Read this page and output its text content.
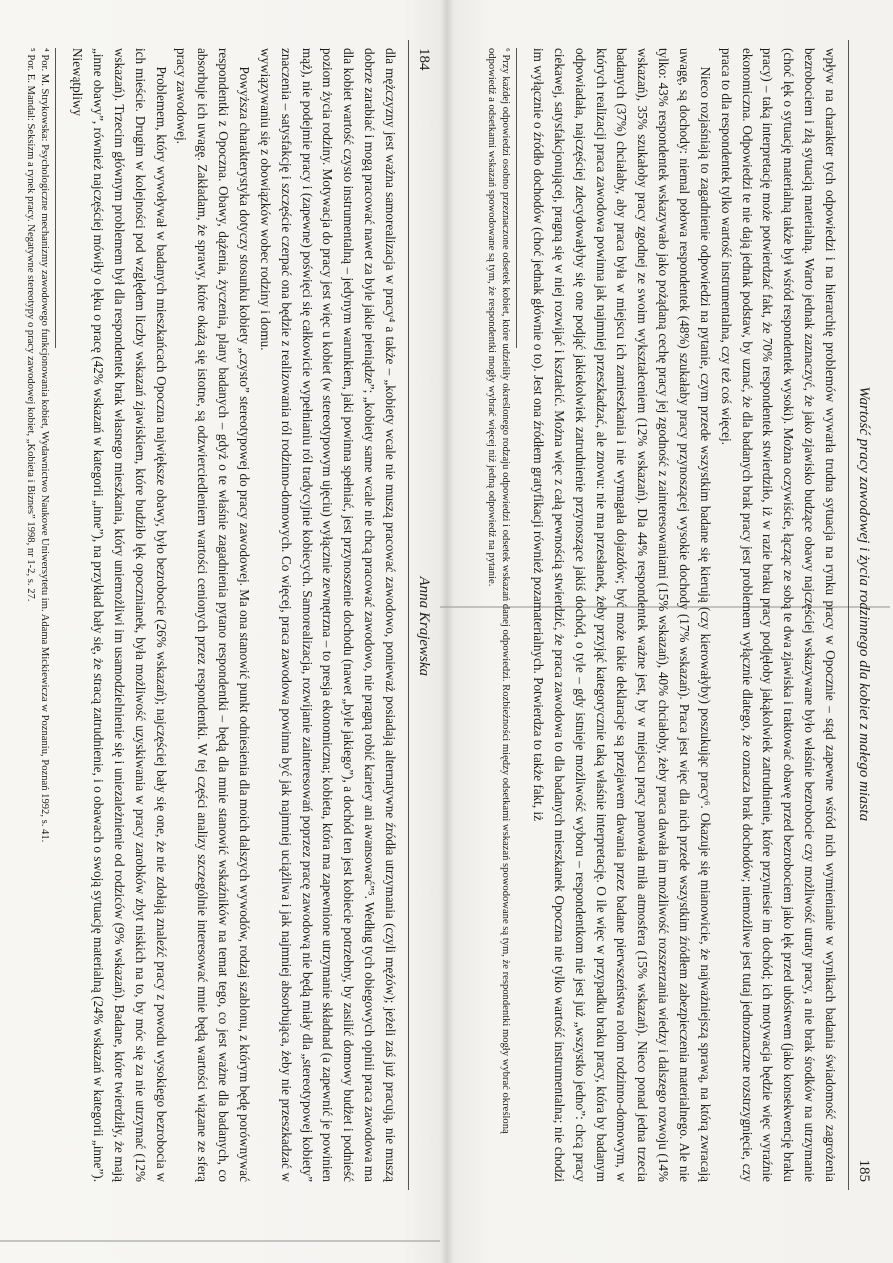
184
Anna Krajewska

dla mężczyzny jest ważna samorealizacja w pracy⁴ a także – „kobiety wcale nie muszą pracować zawodowo, ponieważ posiadają alternatywne źródła utrzymania (czyli mężów); jeżeli zaś już pracują, nie muszą dobrze zarabiać i mogą pracować nawet za byle jakie pieniądze”; „kobiety same wcale nie chcą pracować zawodowo, nie pragną robić kariery ani awansować”⁵. Według tych obiegowych opinii praca zawodowa ma dla kobiet wartość czysto instrumentalną – jedynym warunkiem, jaki powinna spełniać, jest przynoszenie dochodu (nawet „byle jakiego”), a dochód ten jest kobiecie potrzebny, by zasilić domowy budżet i podnieść poziom życia rodziny. Motywacja do pracy jest więc u kobiet (w stereotypowym ujęciu) wyłącznie zewnętrzna – to presja ekonomiczna; kobieta, która ma zapewnione utrzymanie składnad (a zapewnić je powinien mąż), nie podejmie pracy i (zapewne) poświęci się całkowicie wypełnianiu ról tradycyjnie kobiecych. Samorealizacja, rozwijanie zainteresowań poprzez pracę zawodową nie będą miały dla „stereotypowej kobiety” znaczenia – satysfakcję i szczęście czerpać ona będzie z realizowania ról rodzinno-domowych. Co więcej, praca zawodowa powinna być jak najmniej uciążliwa i jak najmniej absorbująca, żeby nie przeszkadzać w wywiązywaniu się z obowiązków wobec rodziny i domu.

Powyższa charakterystyka dotyczy stosunku kobiety „czysto” stereotypowej do pracy zawodowej. Ma ona stanowić punkt odniesienia dla moich dalszych wywodów, rodzaj szablonu, z którym będę porównywać respondentki z Opoczna. Obawy, dążenia, życzenia, plany badanych – gdyż o te właśnie zagadnienia pytano respondentki – będą dla mnie stanowić wskaźników na temat tego, co jest ważne dla badanych, co absorbuje ich uwagę. Zakładam, że sprawy, które okażą się istotne, są odzwierciedleniem wartości cenionych przez respondentki. W tej części analizy szczególnie interesować mnie będą wartości wiązane ze sferą pracy zawodowej.

Problemem, który wywoływał w badanych mieszkańcach Opoczna największe obawy, było bezrobocie (26% wskazań); najczęściej bały się one, że nie zdołają znaleźć pracy z powodu wysokiego bezrobocia w ich mieście. Drugim w kolejności pod względem liczby wskazań zjawiskiem, które budziło lęk opocznianek, była możliwość uzyskiwania w pracy zarobków zbyt niskich na to, by móc się za nie utrzymać (12% wskazań). Trzecim głównym problemem był dla respondentek brak własnego mieszkania, który uniemożliwi im usamodzielnienie się i uniezależnienie od rodziców (9% wskazań). Badane, które twierdziły, że mają „inne obawy”, również najczęściej mówiły o lęku o pracę (42% wskazań w kategorii „inne”), na przykład bały się, że stracą zatrudnienie, i o obawach o swoją sytuację materialną (24% wskazań w kategorii „inne”). Niewątpliwy

⁴ Por. M. Strykowska: Psychologiczne mechanizmy zawodowego funkcjonowania kobiet, Wydawnictwo Naukowe Uniwersytetu im. Adama Mickiewicza w Poznaniu, Poznań 1992, s. 41.

⁵ Por. E. Mandal: Seksizm a rynek pracy. Negatywne stereotypy o pracy zawodowej kobiet, „Kobieta i Biznes” 1998, nr 1-2, s. 27.

Wartość pracy zawodowej i życia rodzinnego dla kobiet z małego miasta
185

wpływ na charakter tych odpowiedzi i na hierarchię problemów wywarła trudna sytuacja na rynku pracy w Opocznie – stąd zapewne wśród nich wymienianie w wynikach badania świadomość zagrożenia bezrobociem i złą sytuacją materialną. Warto jednak zaznaczyć, że jako zjawisko budzące obawy najczęściej wskazywane było właśnie bezrobocie czy możliwość utraty pracy, a nie brak środków na utrzymanie (choć lęk o sytuację materialną także był wśród respondentek wysoki). Można oczywiście, łącząc ze sobą te dwa zjawiska i traktować obawę przed bezrobociem jako lęk przed ubóstwem (jako konsekwencję braku pracy) – taką interpretację może potwierdzać fakt, że 70% respondentek stwierdziło, iż w razie braku pracy podjęłoby jakąkolwiek zatrudnienie, które przyniesie im dochód; ich motywacja będzie więc wyraźnie ekonomiczna. Odpowiedzi te nie dają jednak podstaw, by uznać, że dla badanych brak pracy jest problemem wyłącznie dlatego, że oznacza brak dochodów; niemożliwe jest tutaj jednoznaczne rozstrzygnięcie, czy praca to dla respondentek tylko wartość instrumentalna, czy też coś więcej.

Nieco rozjaśniają to zagadnienie odpowiedzi na pytanie, czym przede wszystkim badane się kierują (czy kierowałyby) poszukując pracy⁶. Okazuje się mianowicie, że najważniejszą sprawą, na którą zwracają uwagę, są dochody: niemal połowa respondentek (48%) szukałaby pracy przynoszącej wysokie dochody (17% wskazań). Praca jest więc dla nich przede wszystkim źródłem zabezpieczenia materialnego. Ale nie tylko: 43% respondentek wskazywało jako pożądaną cechę pracy jej zgodność z zainteresowaniami (15% wskazań), 40% chciałoby, żeby praca dawała im możliwość rozszerzania wiedzy i dalszego rozwoju (14% wskazań), 35% szukałoby pracy zgodnej ze swoim wykształceniem (12% wskazań). Dla 44% respondentek ważne jest, by w miejscu pracy panowała miła atmosfera (15% wskazań). Nieco ponad jedna trzecia badanych (37%) chciałaby, aby praca była w miejscu ich zamieszkania i nie wymagała dojazdów; być może takie deklaracje są przejawem dawania przez badane pierwszeństwa rolom rodzinno-domowym, w których realizacji praca zawodowa powinna jak najmniej przeszkadzać, ale znowu: nie ma przesłanek, żeby przyjąć kategorycznie taką właśnie interpretację. O ile więc w przypadku braku pracy, która by badanym odpowiadała, najczęściej zdecydowałyby się one podjąć jakiekolwiek zatrudnienie przynoszące jakiś dochód, o tyle – gdy istnieje możliwość wyboru – respondentkom nie jest już „wszystko jedno”: chcą pracy ciekawej, satysfakcjonującej, pragną się w niej rozwijać i kształcić. Można więc z całą pewnością stwierdzić, że praca zawodowa to dla badanych mieszkanek Opoczna nie tylko wartość instrumentalna; nie chodzi im wyłącznie o źródło dochodów (choć jednak głównie o to). Jest ona źródłem gratyfikacji również pozamaterialnych. Potwierdza to także fakt, iż

⁶ Przy każdej odpowiedzi osobno przeznaczone odsetek kobiet, które udzieliły określonego rodzaju odpowiedzi i odsetek wskazań danej odpowiedzi. Rozbieżności między odsetkami wskazań spowodowane są tym, że respondentki mogły wybrać określoną odpowiedź a odsetkami wskazań spowodowane są tym, że respondentki mogły wybrać więcej niż jedną odpowiedź na pytanie.
